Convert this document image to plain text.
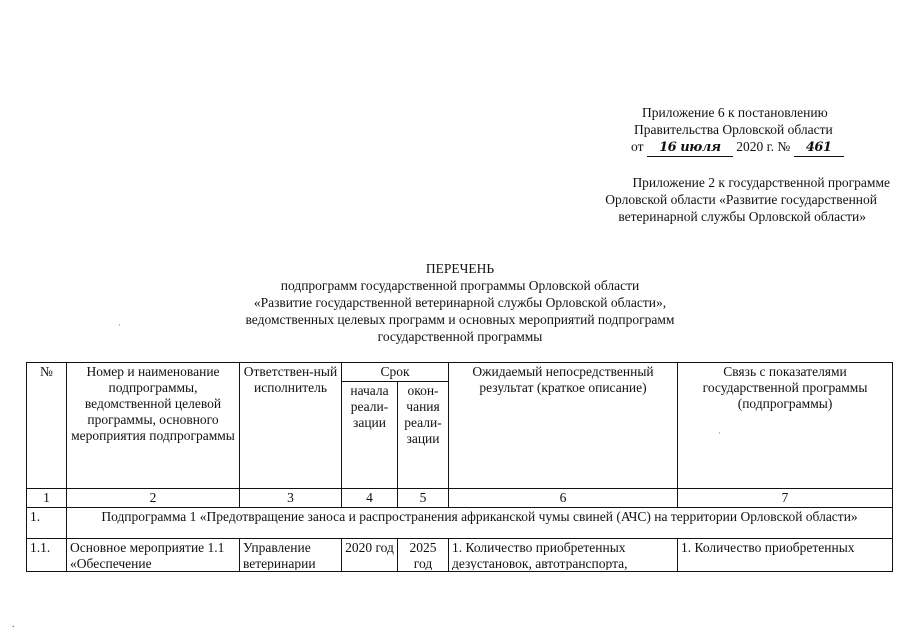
Приложение 6 к постановлению
Правительства Орловской области
от 16 июля 2020 г. № 461
Приложение 2 к государственной программе
Орловской области «Развитие государственной
ветеринарной службы Орловской области»
ПЕРЕЧЕНЬ
подпрограмм государственной программы Орловской области
«Развитие государственной ветеринарной службы Орловской области»,
ведомственных целевых программ и основных мероприятий подпрограмм
государственной программы
·
·
№	Номер и наименование подпрограммы, ведомственной целевой программы, основного мероприятия подпрограммы	Ответствен-ный исполнитель	Срок		Ожидаемый непосредственный результат (краткое описание)	Связь с показателями государственной программы (подпрограммы)
			начала реали-зации	окон-чания реали-зации		
1	2	3	4	5	6	7
1.	Подпрограмма 1 «Предотвращение заноса и распространения африканской чумы свиней (АЧС) на территории Орловской области»					

1.1.	Основное мероприятие 1.1 «Обеспечение	Управление ветеринарии	2020 год	2025 год	1. Количество приобретенных дезустановок, автотранспорта,	1. Количество приобретенных
.
